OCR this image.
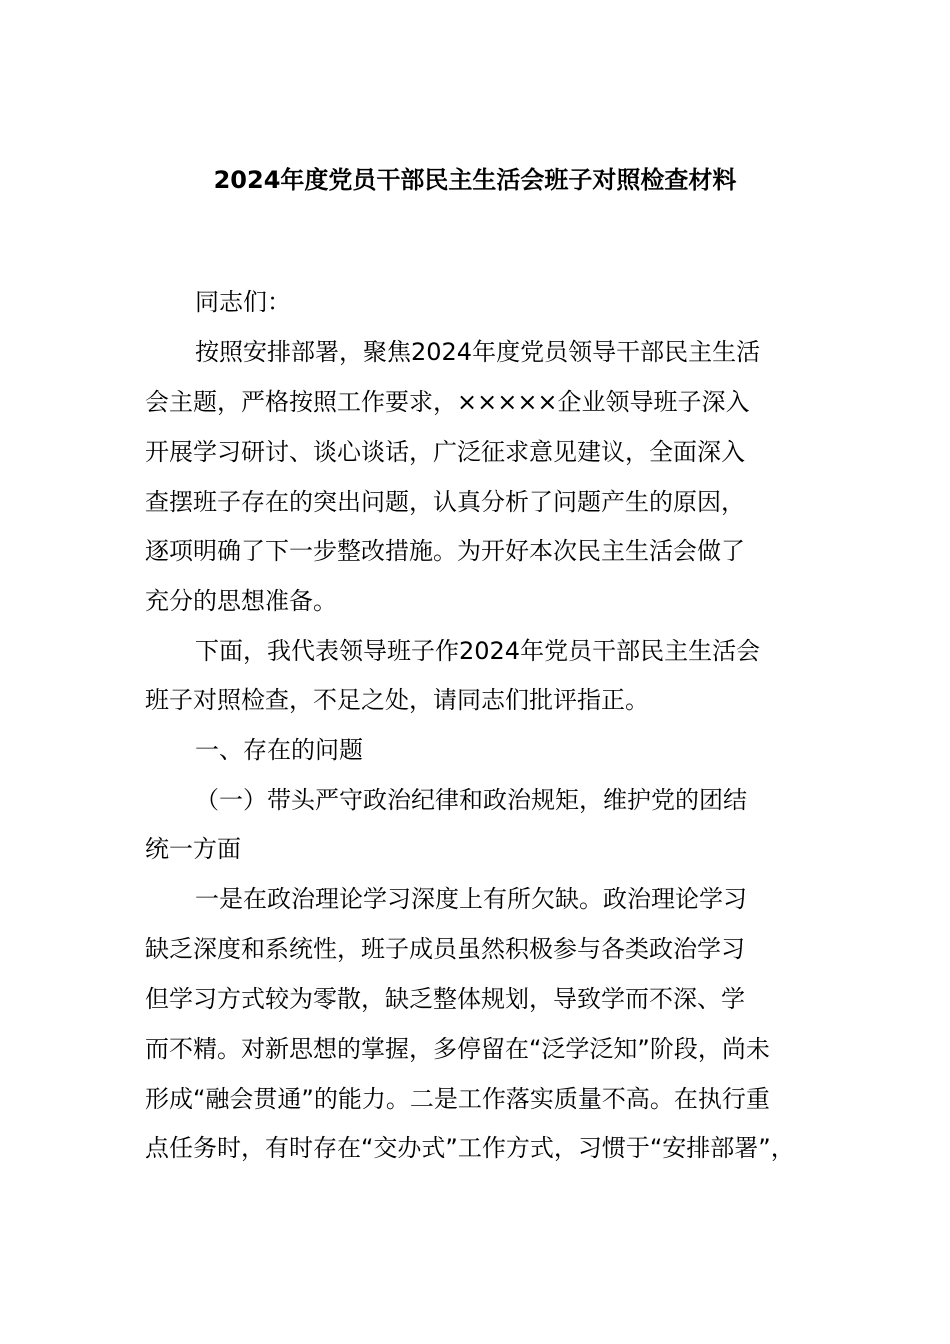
2024年度党员干部民主生活会班子对照检查材料
同志们：
按照安排部署，聚焦2024年度党员领导干部民主生活
会主题，严格按照工作要求，×××××企业领导班子深入
开展学习研讨、谈心谈话，广泛征求意见建议，全面深入
查摆班子存在的突出问题，认真分析了问题产生的原因，
逐项明确了下一步整改措施。为开好本次民主生活会做了
充分的思想准备。
下面，我代表领导班子作2024年党员干部民主生活会
班子对照检查，不足之处，请同志们批评指正。
一、存在的问题
（一）带头严守政治纪律和政治规矩，维护党的团结
统一方面
一是在政治理论学习深度上有所欠缺。政治理论学习
缺乏深度和系统性，班子成员虽然积极参与各类政治学习
但学习方式较为零散，缺乏整体规划，导致学而不深、学
而不精。对新思想的掌握，多停留在“泛学泛知”阶段，尚未
形成“融会贯通”的能力。二是工作落实质量不高。在执行重
点任务时，有时存在“交办式”工作方式，习惯于“安排部署”，
